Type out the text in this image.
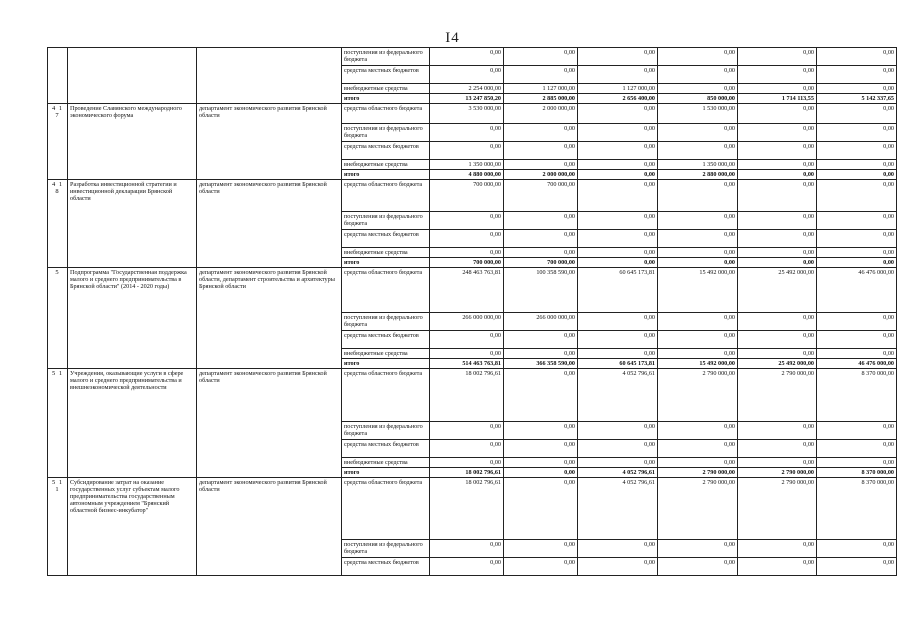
I4
			поступления из федерального бюджета	0,00	0,00	0,00	0,00	0,00	0,00
			средства местных бюджетов	0,00	0,00	0,00	0,00	0,00	0,00
			внебюджетные средства	2 254 000,00	1 127 000,00	1 127 000,00	0,00	0,00	0,00
			итого	13 247 850,20	2 885 000,00	2 656 400,00	850 000,00	1 714 113,55	5 142 337,65
4 1 7	Проведение Славянского международного экономического форума	департамент экономического развития Брянской области	средства областного бюджета	3 530 000,00	2 000 000,00	0,00	1 530 000,00	0,00	0,00
			поступления из федерального бюджета	0,00	0,00	0,00	0,00	0,00	0,00
			средства местных бюджетов	0,00	0,00	0,00	0,00	0,00	0,00
			внебюджетные средства	1 350 000,00	0,00	0,00	1 350 000,00	0,00	0,00
			итого	4 880 000,00	2 000 000,00	0,00	2 880 000,00	0,00	0,00
4 1 8	Разработка инвестиционной стратегии и инвестиционной декларации Брянской области	департамент экономического развития Брянской области	средства областного бюджета	700 000,00	700 000,00	0,00	0,00	0,00	0,00
			поступления из федерального бюджета	0,00	0,00	0,00	0,00	0,00	0,00
			средства местных бюджетов	0,00	0,00	0,00	0,00	0,00	0,00
			внебюджетные средства	0,00	0,00	0,00	0,00	0,00	0,00
			итого	700 000,00	700 000,00	0,00	0,00	0,00	0,00
5	Подпрограмма "Государственная поддержка малого и среднего предпринимательства в Брянской области" (2014 - 2020 годы)	департамент экономического развития Брянской области, департамент строительства и архитектуры Брянской области	средства областного бюджета	248 463 763,81	100 358 590,00	60 645 173,81	15 492 000,00	25 492 000,00	46 476 000,00
			поступления из федерального бюджета	266 000 000,00	266 000 000,00	0,00	0,00	0,00	0,00
			средства местных бюджетов	0,00	0,00	0,00	0,00	0,00	0,00
			внебюджетные средства	0,00	0,00	0,00	0,00	0,00	0,00
			итого	514 463 763,81	366 358 590,00	60 645 173,81	15 492 000,00	25 492 000,00	46 476 000,00
5 1	Учреждения, оказывающие услуги в сфере малого и среднего предпринимательства и внешнеэкономической деятельности	департамент экономического развития Брянской области	средства областного бюджета	18 002 796,61	0,00	4 052 796,61	2 790 000,00	2 790 000,00	8 370 000,00
			поступления из федерального бюджета	0,00	0,00	0,00	0,00	0,00	0,00
			средства местных бюджетов	0,00	0,00	0,00	0,00	0,00	0,00
			внебюджетные средства	0,00	0,00	0,00	0,00	0,00	0,00
			итого	18 002 796,61	0,00	4 052 796,61	2 790 000,00	2 790 000,00	8 370 000,00
5 1 1	Субсидирование затрат на оказание государственных услуг субъектам малого предпринимательства государственным автономным учреждением "Брянский областной бизнес-инкубатор"	департамент экономического развития Брянской области	средства областного бюджета	18 002 796,61	0,00	4 052 796,61	2 790 000,00	2 790 000,00	8 370 000,00
			поступления из федерального бюджета	0,00	0,00	0,00	0,00	0,00	0,00
			средства местных бюджетов	0,00	0,00	0,00	0,00	0,00	0,00
